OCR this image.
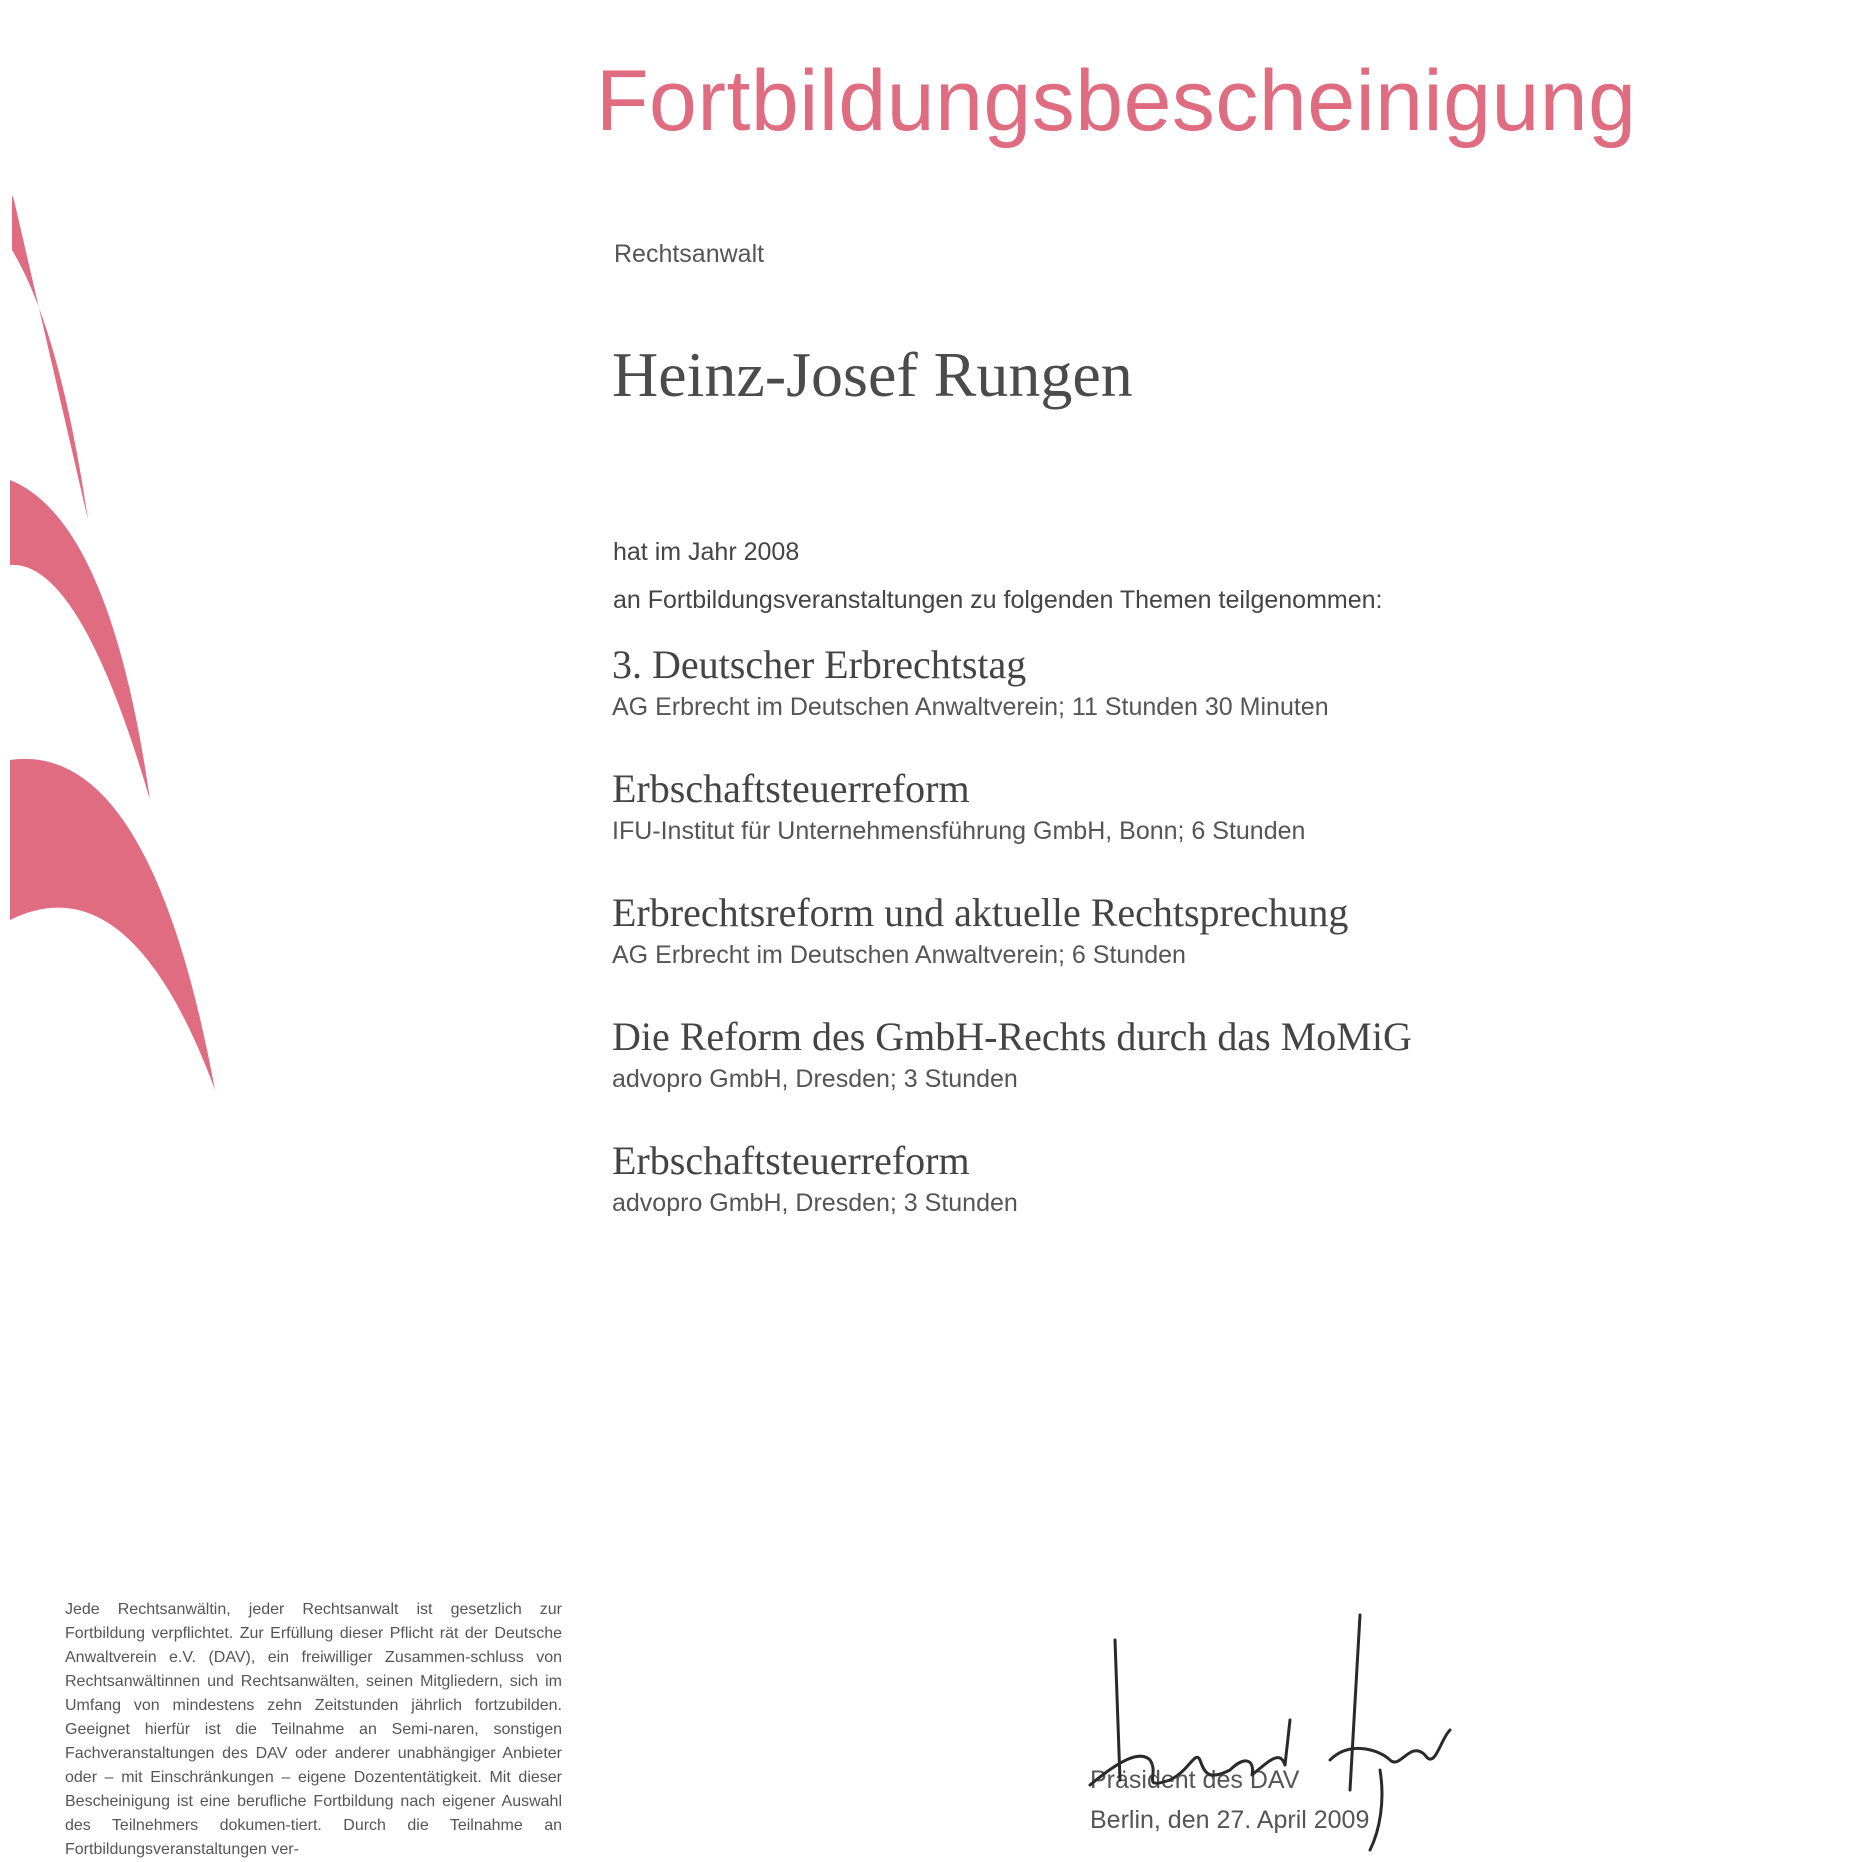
Fortbildungsbescheinigung
Rechtsanwalt
Heinz-Josef Rungen
hat im Jahr 2008
an Fortbildungsveranstaltungen zu folgenden Themen teilgenommen:
3. Deutscher Erbrechtstag
AG Erbrecht im Deutschen Anwaltverein; 11 Stunden 30 Minuten
Erbschaftsteuerreform
IFU-Institut für Unternehmensführung GmbH, Bonn; 6 Stunden
Erbrechtsreform und aktuelle Rechtsprechung
AG Erbrecht im Deutschen Anwaltverein; 6 Stunden
Die Reform des GmbH-Rechts durch das MoMiG
advopro GmbH, Dresden; 3 Stunden
Erbschaftsteuerreform
advopro GmbH, Dresden; 3 Stunden
Jede Rechtsanwältin, jeder Rechtsanwalt ist gesetzlich zur Fortbildung verpflichtet. Zur Erfüllung dieser Pflicht rät der Deutsche Anwaltverein e.V. (DAV), ein freiwilliger Zusammen-schluss von Rechtsanwältinnen und Rechtsanwälten, seinen Mitgliedern, sich im Umfang von mindestens zehn Zeitstunden jährlich fortzubilden. Geeignet hierfür ist die Teilnahme an Semi-naren, sonstigen Fachveranstaltungen des DAV oder anderer unabhängiger Anbieter oder – mit Einschränkungen – eigene Dozententätigkeit. Mit dieser Bescheinigung ist eine berufliche Fortbildung nach eigener Auswahl des Teilnehmers dokumen-tiert. Durch die Teilnahme an Fortbildungsveranstaltungen ver-
Präsident des DAV
Berlin, den 27. April 2009
